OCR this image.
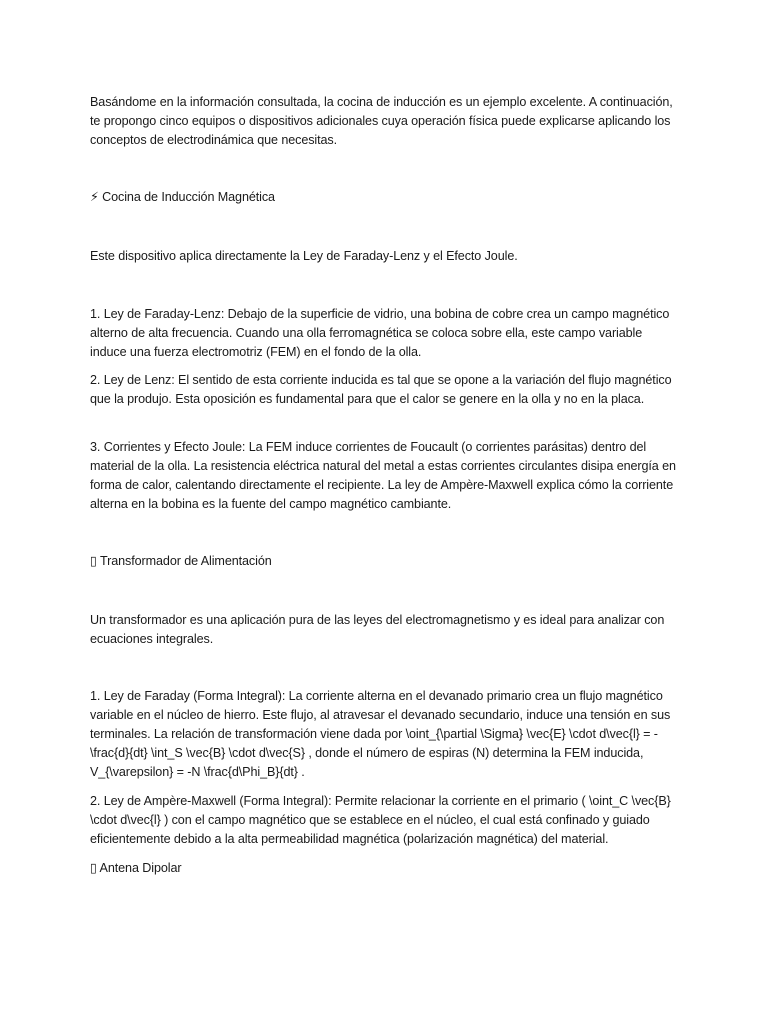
Basándome en la información consultada, la cocina de inducción es un ejemplo excelente. A continuación, te propongo cinco equipos o dispositivos adicionales cuya operación física puede explicarse aplicando los conceptos de electrodinámica que necesitas.

⚡ Cocina de Inducción Magnética

Este dispositivo aplica directamente la Ley de Faraday-Lenz y el Efecto Joule.

1. Ley de Faraday-Lenz: Debajo de la superficie de vidrio, una bobina de cobre crea un campo magnético alterno de alta frecuencia. Cuando una olla ferromagnética se coloca sobre ella, este campo variable induce una fuerza electromotriz (FEM) en el fondo de la olla.

2. Ley de Lenz: El sentido de esta corriente inducida es tal que se opone a la variación del flujo magnético que la produjo. Esta oposición es fundamental para que el calor se genere en la olla y no en la placa.

3. Corrientes y Efecto Joule: La FEM induce corrientes de Foucault (o corrientes parásitas) dentro del material de la olla. La resistencia eléctrica natural del metal a estas corrientes circulantes disipa energía en forma de calor, calentando directamente el recipiente. La ley de Ampère-Maxwell explica cómo la corriente alterna en la bobina es la fuente del campo magnético cambiante.

▯ Transformador de Alimentación

Un transformador es una aplicación pura de las leyes del electromagnetismo y es ideal para analizar con ecuaciones integrales.

1. Ley de Faraday (Forma Integral): La corriente alterna en el devanado primario crea un flujo magnético variable en el núcleo de hierro. Este flujo, al atravesar el devanado secundario, induce una tensión en sus terminales. La relación de transformación viene dada por \oint_{\partial \Sigma} \vec{E} \cdot d\vec{l} = - \frac{d}{dt} \int_S \vec{B} \cdot d\vec{S} , donde el número de espiras (N) determina la FEM inducida, V_{\varepsilon} = -N \frac{d\Phi_B}{dt} .

2. Ley de Ampère-Maxwell (Forma Integral): Permite relacionar la corriente en el primario ( \oint_C \vec{B} \cdot d\vec{l} ) con el campo magnético que se establece en el núcleo, el cual está confinado y guiado eficientemente debido a la alta permeabilidad magnética (polarización magnética) del material.

▯ Antena Dipolar
